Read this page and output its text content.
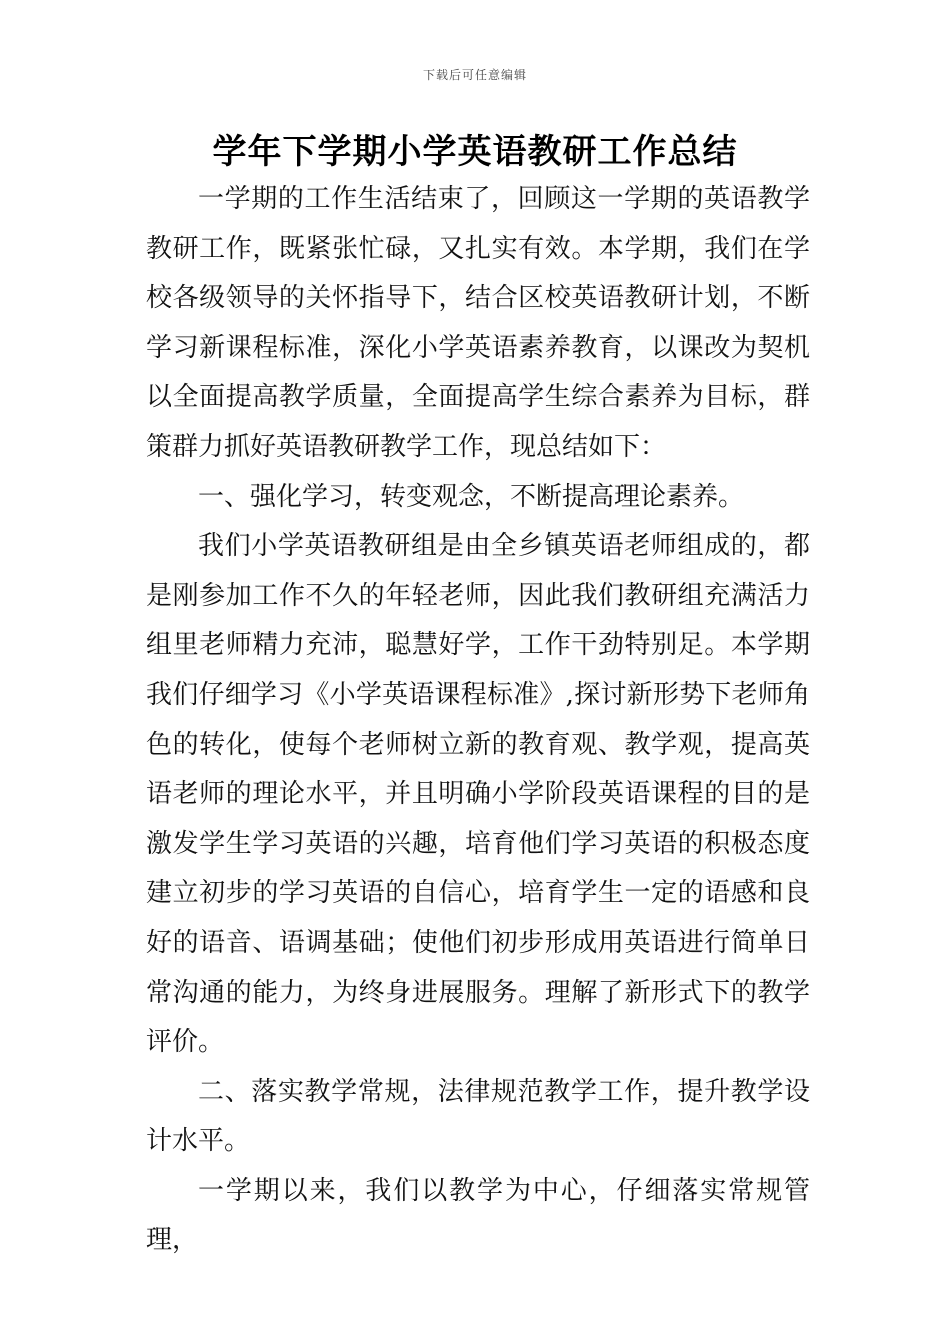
下载后可任意编辑
学年下学期小学英语教研工作总结

一学期的工作生活结束了，回顾这一学期的英语教学教研工作，既紧张忙碌，又扎实有效。本学期，我们在学校各级领导的关怀指导下，结合区校英语教研计划，不断学习新课程标准，深化小学英语素养教育，以课改为契机以全面提高教学质量，全面提高学生综合素养为目标，群策群力抓好英语教研教学工作，现总结如下：

一、强化学习，转变观念，不断提高理论素养。

我们小学英语教研组是由全乡镇英语老师组成的，都是刚参加工作不久的年轻老师，因此我们教研组充满活力组里老师精力充沛，聪慧好学，工作干劲特别足。本学期我们仔细学习《小学英语课程标准》,探讨新形势下老师角色的转化，使每个老师树立新的教育观、教学观，提高英语老师的理论水平，并且明确小学阶段英语课程的目的是激发学生学习英语的兴趣，培育他们学习英语的积极态度建立初步的学习英语的自信心，培育学生一定的语感和良好的语音、语调基础；使他们初步形成用英语进行简单日常沟通的能力，为终身进展服务。理解了新形式下的教学评价。

二、落实教学常规，法律规范教学工作，提升教学设计水平。

一学期以来，我们以教学为中心，仔细落实常规管理，
